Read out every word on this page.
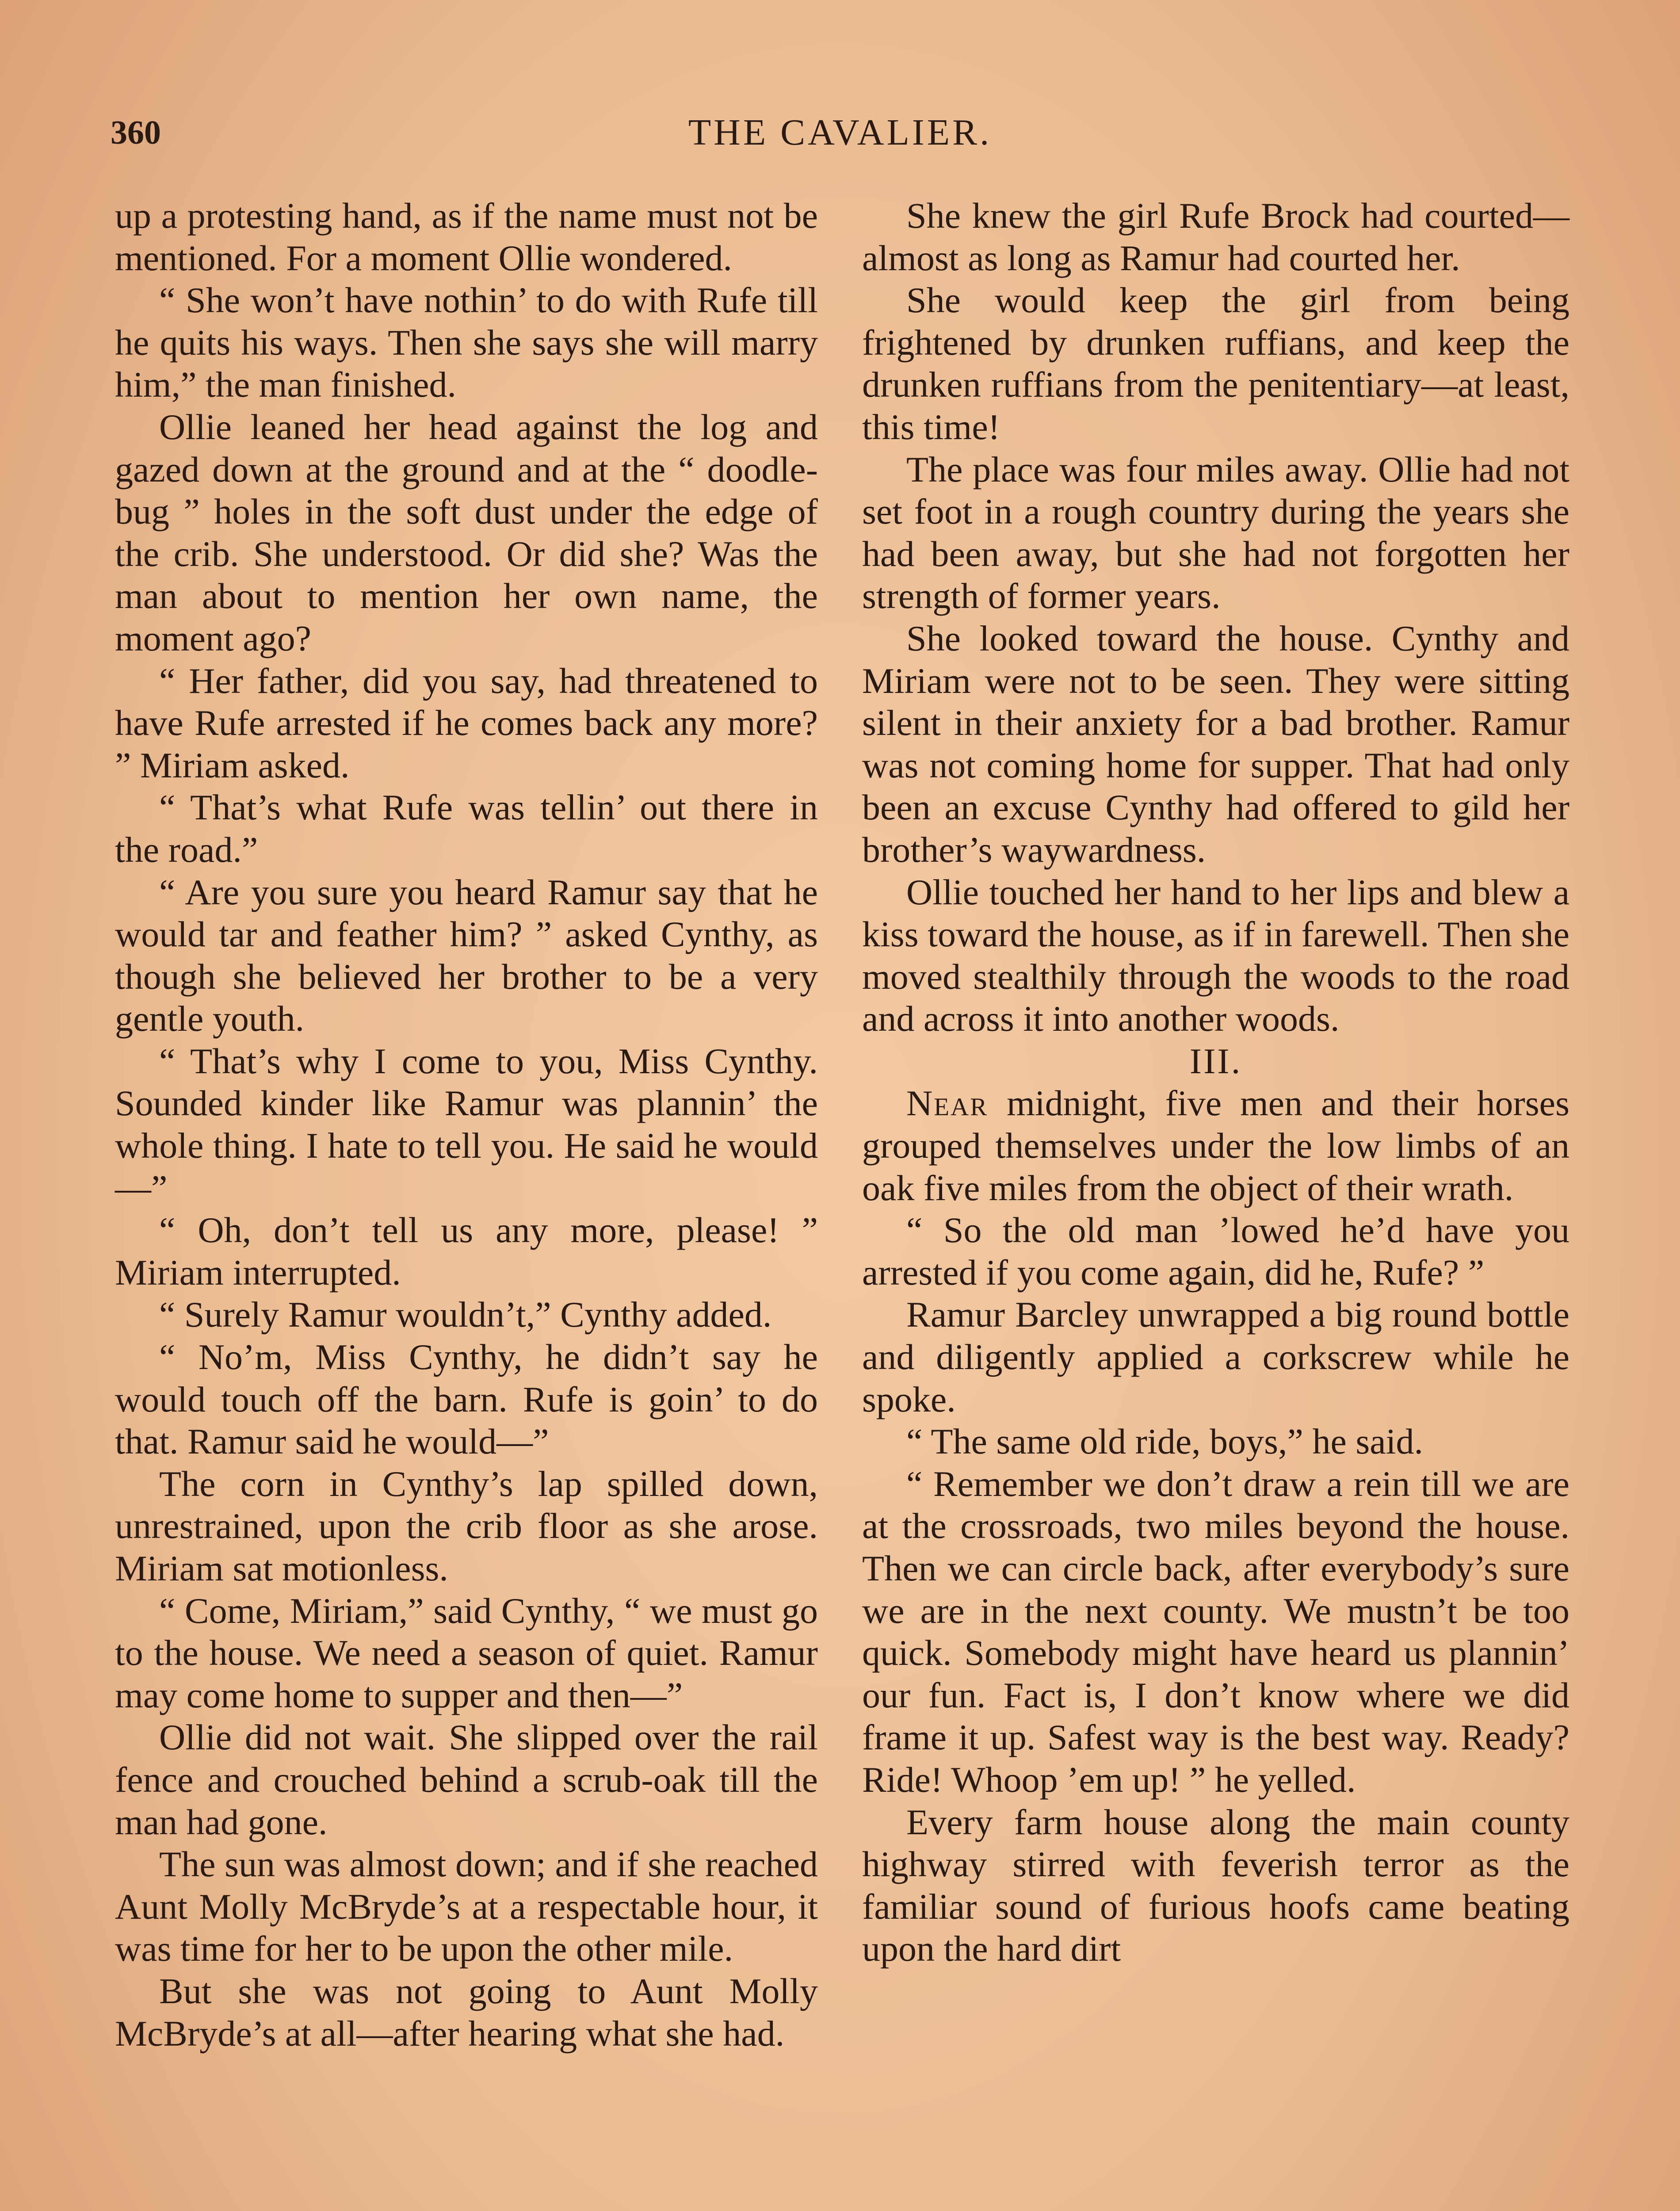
360	THE CAVALIER.

up a protesting hand, as if the name must not be mentioned. For a moment Ollie wondered.

“ She won’t have nothin’ to do with Rufe till he quits his ways. Then she says she will marry him,” the man finished.

Ollie leaned her head against the log and gazed down at the ground and at the “ doodle-bug ” holes in the soft dust under the edge of the crib. She understood. Or did she? Was the man about to mention her own name, the moment ago?

“ Her father, did you say, had threatened to have Rufe arrested if he comes back any more? ” Miriam asked.

“ That’s what Rufe was tellin’ out there in the road.”

“ Are you sure you heard Ramur say that he would tar and feather him? ” asked Cynthy, as though she believed her brother to be a very gentle youth.

“ That’s why I come to you, Miss Cynthy. Sounded kinder like Ramur was plannin’ the whole thing. I hate to tell you. He said he would—”

“ Oh, don’t tell us any more, please! ” Miriam interrupted.

“ Surely Ramur wouldn’t,” Cynthy added.

“ No’m, Miss Cynthy, he didn’t say he would touch off the barn. Rufe is goin’ to do that. Ramur said he would—”

The corn in Cynthy’s lap spilled down, unrestrained, upon the crib floor as she arose. Miriam sat motionless.

“ Come, Miriam,” said Cynthy, “ we must go to the house. We need a season of quiet. Ramur may come home to supper and then—”

Ollie did not wait. She slipped over the rail fence and crouched behind a scrub-oak till the man had gone.

The sun was almost down; and if she reached Aunt Molly McBryde’s at a respectable hour, it was time for her to be upon the other mile.

But she was not going to Aunt Molly McBryde’s at all—after hearing what she had.

She knew the girl Rufe Brock had courted—almost as long as Ramur had courted her.

She would keep the girl from being frightened by drunken ruffians, and keep the drunken ruffians from the penitentiary—at least, this time!

The place was four miles away. Ollie had not set foot in a rough country during the years she had been away, but she had not forgotten her strength of former years.

She looked toward the house. Cynthy and Miriam were not to be seen. They were sitting silent in their anxiety for a bad brother. Ramur was not coming home for supper. That had only been an excuse Cynthy had offered to gild her brother’s waywardness.

Ollie touched her hand to her lips and blew a kiss toward the house, as if in farewell. Then she moved stealthily through the woods to the road and across it into another woods.

III.

Near midnight, five men and their horses grouped themselves under the low limbs of an oak five miles from the object of their wrath.

“ So the old man ’lowed he’d have you arrested if you come again, did he, Rufe? ”

Ramur Barcley unwrapped a big round bottle and diligently applied a corkscrew while he spoke.

“ The same old ride, boys,” he said.

“ Remember we don’t draw a rein till we are at the crossroads, two miles beyond the house. Then we can circle back, after everybody’s sure we are in the next county. We mustn’t be too quick. Somebody might have heard us plannin’ our fun. Fact is, I don’t know where we did frame it up. Safest way is the best way. Ready? Ride! Whoop ’em up! ” he yelled.

Every farm house along the main county highway stirred with feverish terror as the familiar sound of furious hoofs came beating upon the hard dirt
